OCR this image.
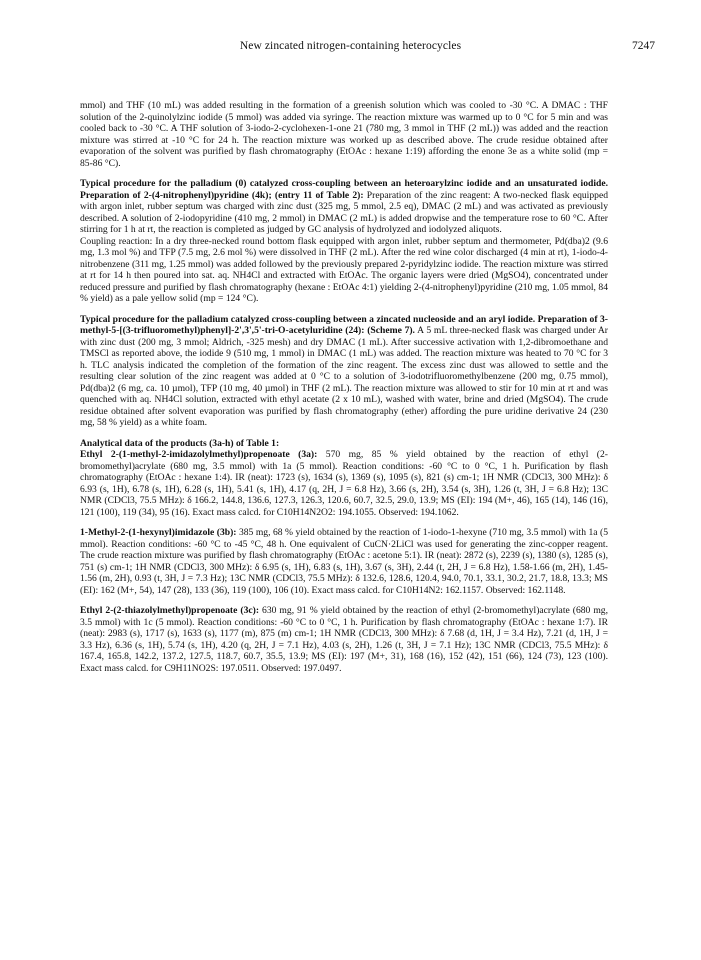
New zincated nitrogen-containing heterocycles	7247

mmol) and THF (10 mL) was added resulting in the formation of a greenish solution which was cooled to -30 °C. A DMAC : THF solution of the 2-quinolylzinc iodide (5 mmol) was added via syringe. The reaction mixture was warmed up to 0 °C for 5 min and was cooled back to -30 °C. A THF solution of 3-iodo-2-cyclohexen-1-one 21 (780 mg, 3 mmol in THF (2 mL)) was added and the reaction mixture was stirred at -10 °C for 24 h. The reaction mixture was worked up as described above. The crude residue obtained after evaporation of the solvent was purified by flash chromatography (EtOAc : hexane 1:19) affording the enone 3e as a white solid (mp = 85-86 °C).

Typical procedure for the palladium (0) catalyzed cross-coupling between an heteroarylzinc iodide and an unsaturated iodide. Preparation of 2-(4-nitrophenyl)pyridine (4k); (entry 11 of Table 2): Preparation of the zinc reagent: A two-necked flask equipped with argon inlet, rubber septum was charged with zinc dust (325 mg, 5 mmol, 2.5 eq), DMAC (2 mL) and was activated as previously described. A solution of 2-iodopyridine (410 mg, 2 mmol) in DMAC (2 mL) is added dropwise and the temperature rose to 60 °C. After stirring for 1 h at rt, the reaction is completed as judged by GC analysis of hydrolyzed and iodolyzed aliquots.

Coupling reaction: In a dry three-necked round bottom flask equipped with argon inlet, rubber septum and thermometer, Pd(dba)2 (9.6 mg, 1.3 mol %) and TFP (7.5 mg, 2.6 mol %) were dissolved in THF (2 mL). After the red wine color discharged (4 min at rt), 1-iodo-4-nitrobenzene (311 mg, 1.25 mmol) was added followed by the previously prepared 2-pyridylzinc iodide. The reaction mixture was stirred at rt for 14 h then poured into sat. aq. NH4Cl and extracted with EtOAc. The organic layers were dried (MgSO4), concentrated under reduced pressure and purified by flash chromatography (hexane : EtOAc 4:1) yielding 2-(4-nitrophenyl)pyridine (210 mg, 1.05 mmol, 84 % yield) as a pale yellow solid (mp = 124 °C).

Typical procedure for the palladium catalyzed cross-coupling between a zincated nucleoside and an aryl iodide. Preparation of 3-methyl-5-[(3-trifluoromethyl)phenyl]-2',3',5'-tri-O-acetyluridine (24): (Scheme 7). A 5 mL three-necked flask was charged under Ar with zinc dust (200 mg, 3 mmol; Aldrich, -325 mesh) and dry DMAC (1 mL). After successive activation with 1,2-dibromoethane and TMSCl as reported above, the iodide 9 (510 mg, 1 mmol) in DMAC (1 mL) was added. The reaction mixture was heated to 70 °C for 3 h. TLC analysis indicated the completion of the formation of the zinc reagent. The excess zinc dust was allowed to settle and the resulting clear solution of the zinc reagent was added at 0 °C to a solution of 3-iodotrifluoromethylbenzene (200 mg, 0.75 mmol), Pd(dba)2 (6 mg, ca. 10 µmol), TFP (10 mg, 40 µmol) in THF (2 mL). The reaction mixture was allowed to stir for 10 min at rt and was quenched with aq. NH4Cl solution, extracted with ethyl acetate (2 x 10 mL), washed with water, brine and dried (MgSO4). The crude residue obtained after solvent evaporation was purified by flash chromatography (ether) affording the pure uridine derivative 24 (230 mg, 58 % yield) as a white foam.

Analytical data of the products (3a-h) of Table 1:
Ethyl 2-(1-methyl-2-imidazolylmethyl)propenoate (3a): 570 mg, 85 % yield obtained by the reaction of ethyl (2-bromomethyl)acrylate (680 mg, 3.5 mmol) with 1a (5 mmol). Reaction conditions: -60 °C to 0 °C, 1 h. Purification by flash chromatography (EtOAc : hexane 1:4). IR (neat): 1723 (s), 1634 (s), 1369 (s), 1095 (s), 821 (s) cm-1; 1H NMR (CDCl3, 300 MHz): δ 6.93 (s, 1H), 6.78 (s, 1H), 6.28 (s, 1H), 5.41 (s, 1H), 4.17 (q, 2H, J = 6.8 Hz), 3.66 (s, 2H), 3.54 (s, 3H), 1.26 (t, 3H, J = 6.8 Hz); 13C NMR (CDCl3, 75.5 MHz): δ 166.2, 144.8, 136.6, 127.3, 126.3, 120.6, 60.7, 32.5, 29.0, 13.9; MS (EI): 194 (M+, 46), 165 (14), 146 (16), 121 (100), 119 (34), 95 (16). Exact mass calcd. for C10H14N2O2: 194.1055. Observed: 194.1062.

1-Methyl-2-(1-hexynyl)imidazole (3b): 385 mg, 68 % yield obtained by the reaction of 1-iodo-1-hexyne (710 mg, 3.5 mmol) with 1a (5 mmol). Reaction conditions: -60 °C to -45 °C, 48 h. One equivalent of CuCN·2LiCl was used for generating the zinc-copper reagent. The crude reaction mixture was purified by flash chromatography (EtOAc : acetone 5:1). IR (neat): 2872 (s), 2239 (s), 1380 (s), 1285 (s), 751 (s) cm-1; 1H NMR (CDCl3, 300 MHz): δ 6.95 (s, 1H), 6.83 (s, 1H), 3.67 (s, 3H), 2.44 (t, 2H, J = 6.8 Hz), 1.58-1.66 (m, 2H), 1.45-1.56 (m, 2H), 0.93 (t, 3H, J = 7.3 Hz); 13C NMR (CDCl3, 75.5 MHz): δ 132.6, 128.6, 120.4, 94.0, 70.1, 33.1, 30.2, 21.7, 18.8, 13.3; MS (EI): 162 (M+, 54), 147 (28), 133 (36), 119 (100), 106 (10). Exact mass calcd. for C10H14N2: 162.1157. Observed: 162.1148.

Ethyl 2-(2-thiazolylmethyl)propenoate (3c): 630 mg, 91 % yield obtained by the reaction of ethyl (2-bromomethyl)acrylate (680 mg, 3.5 mmol) with 1c (5 mmol). Reaction conditions: -60 °C to 0 °C, 1 h. Purification by flash chromatography (EtOAc : hexane 1:7). IR (neat): 2983 (s), 1717 (s), 1633 (s), 1177 (m), 875 (m) cm-1; 1H NMR (CDCl3, 300 MHz): δ 7.68 (d, 1H, J = 3.4 Hz), 7.21 (d, 1H, J = 3.3 Hz), 6.36 (s, 1H), 5.74 (s, 1H), 4.20 (q, 2H, J = 7.1 Hz), 4.03 (s, 2H), 1.26 (t, 3H, J = 7.1 Hz); 13C NMR (CDCl3, 75.5 MHz): δ 167.4, 165.8, 142.2, 137.2, 127.5, 118.7, 60.7, 35.5, 13.9; MS (EI): 197 (M+, 31), 168 (16), 152 (42), 151 (66), 124 (73), 123 (100). Exact mass calcd. for C9H11NO2S: 197.0511. Observed: 197.0497.
